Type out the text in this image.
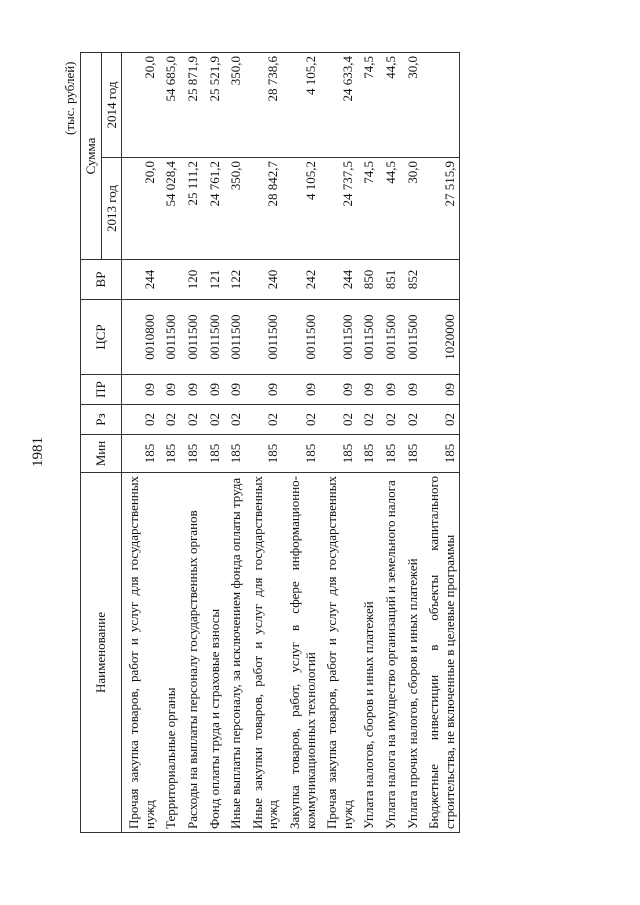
1981
(тыс. рублей)
Наименование	Мин	Рз	ПР	ЦСР	ВР	Сумма	
						2013 год	2014 год
Прочая закупка товаров, работ и услуг для государственных нужд	185	02	09	0010800	244	20,0	20,0
Территориальные органы	185	02	09	0011500		54 028,4	54 685,0
Расходы на выплаты персоналу государственных органов	185	02	09	0011500	120	25 111,2	25 871,9
Фонд оплаты труда и страховые взносы	185	02	09	0011500	121	24 761,2	25 521,9
Иные выплаты персоналу, за исключением фонда оплаты труда	185	02	09	0011500	122	350,0	350,0
Иные закупки товаров, работ и услуг для государственных нужд	185	02	09	0011500	240	28 842,7	28 738,6
Закупка товаров, работ, услуг в сфере информационно-коммуникационных технологий	185	02	09	0011500	242	4 105,2	4 105,2
Прочая закупка товаров, работ и услуг для государственных нужд	185	02	09	0011500	244	24 737,5	24 633,4
Уплата налогов, сборов и иных платежей	185	02	09	0011500	850	74,5	74,5
Уплата налога на имущество организаций и земельного налога	185	02	09	0011500	851	44,5	44,5
Уплата прочих налогов, сборов и иных платежей	185	02	09	0011500	852	30,0	30,0
Бюджетные инвестиции в объекты капитального строительства, не включенные в целевые программы	185	02	09	1020000		27 515,9	
